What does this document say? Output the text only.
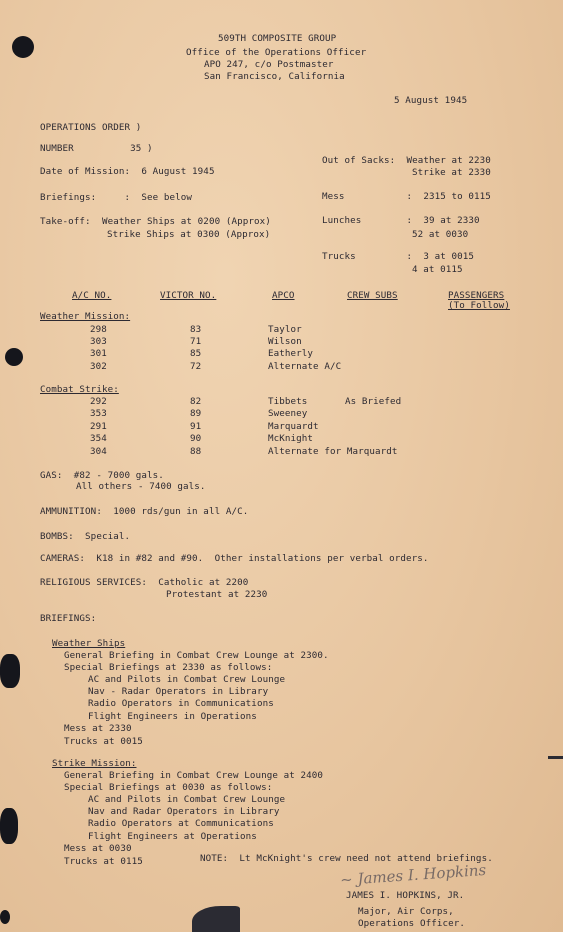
509TH COMPOSITE GROUP
Office of the Operations Officer
APO 247, c/o Postmaster
San Francisco, California
5 August 1945
OPERATIONS ORDER )
NUMBER          35 )
Date of Mission:  6 August 1945
Briefings:     :  See below
Take-off:  Weather Ships at 0200 (Approx)
Strike Ships at 0300 (Approx)
Out of Sacks:  Weather at 2230
Strike at 2330
Mess           :  2315 to 0115
Lunches        :  39 at 2330
52 at 0030
Trucks         :  3 at 0015
4 at 0115
A/C NO.	VICTOR NO.	APCO	CREW SUBS	PASSENGERS
(To Follow)
Weather Mission:
298	83	Taylor
303	71	Wilson
301	85	Eatherly
302	72	Alternate A/C
Combat Strike:
292	82	Tibbets	As Briefed
353	89	Sweeney
291	91	Marquardt
354	90	McKnight
304	88	Alternate for Marquardt
GAS:  #82 - 7000 gals.
All others - 7400 gals.
AMMUNITION:  1000 rds/gun in all A/C.
BOMBS:  Special.
CAMERAS:  K18 in #82 and #90.  Other installations per verbal orders.
RELIGIOUS SERVICES:  Catholic at 2200
Protestant at 2230
BRIEFINGS:
Weather Ships
General Briefing in Combat Crew Lounge at 2300.
Special Briefings at 2330 as follows:
AC and Pilots in Combat Crew Lounge
Nav - Radar Operators in Library
Radio Operators in Communications
Flight Engineers in Operations
Mess at 2330
Trucks at 0015
Strike Mission:
General Briefing in Combat Crew Lounge at 2400
Special Briefings at 0030 as follows:
AC and Pilots in Combat Crew Lounge
Nav and Radar Operators in Library
Radio Operators at Communications
Flight Engineers at Operations
Mess at 0030
Trucks at 0115	NOTE:  Lt McKnight's crew need not attend briefings.
~ James I. Hopkins
JAMES I. HOPKINS, JR.
Major, Air Corps,
Operations Officer.
